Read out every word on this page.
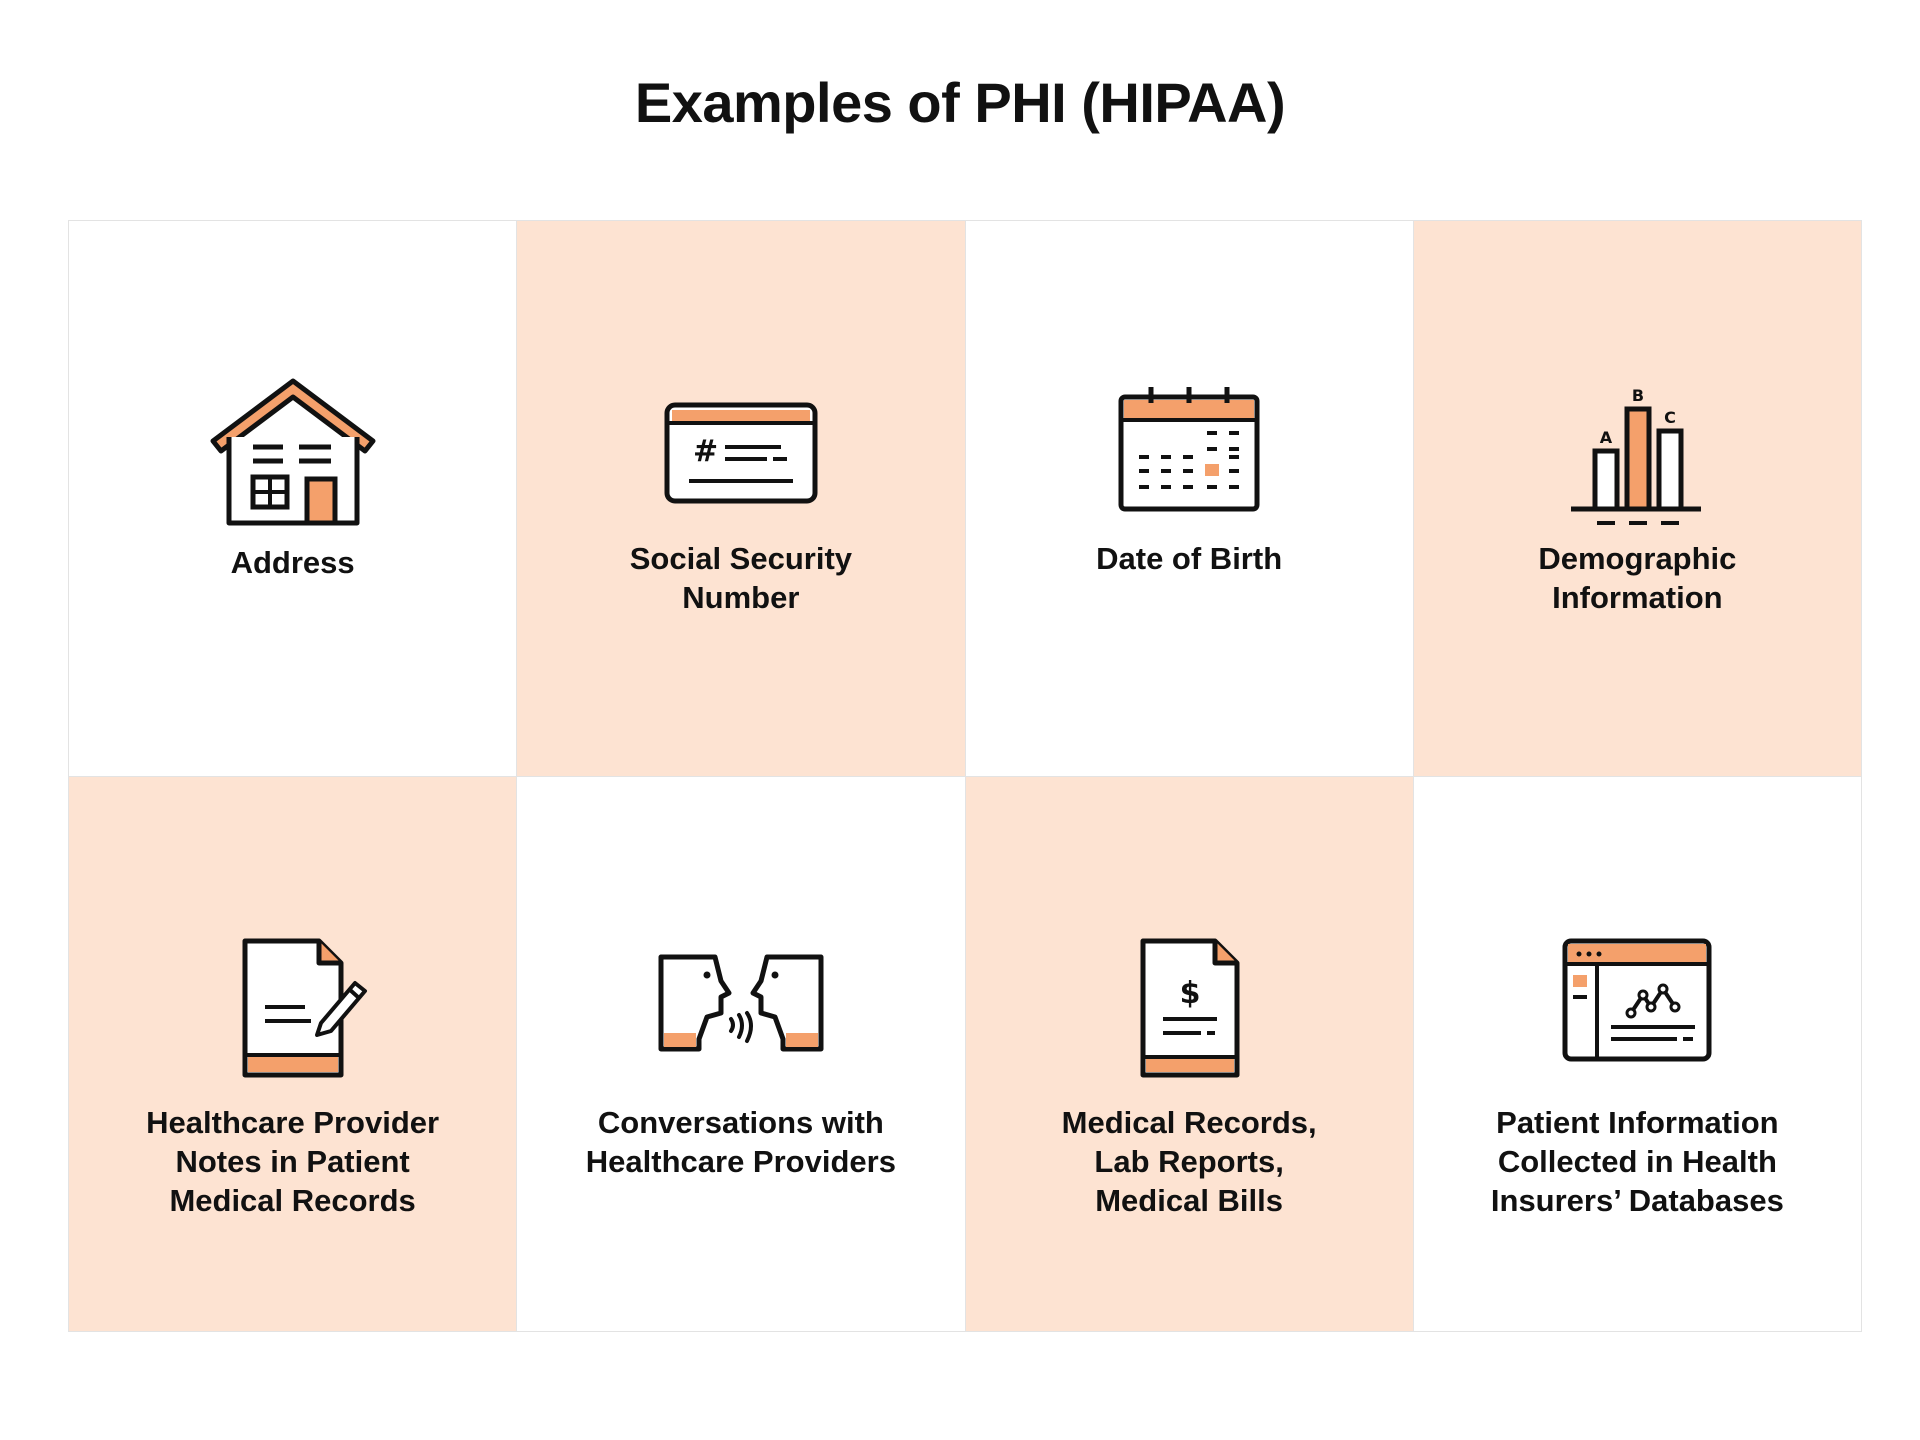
Examples of PHI (HIPAA)
Address
#
Social Security
Number
Date of Birth
A
B
C
Demographic
Information
Healthcare Provider
Notes in Patient
Medical Records
Conversations with
Healthcare Providers
$
Medical Records,
Lab Reports,
Medical Bills
Patient Information
Collected in Health
Insurers’ Databases
